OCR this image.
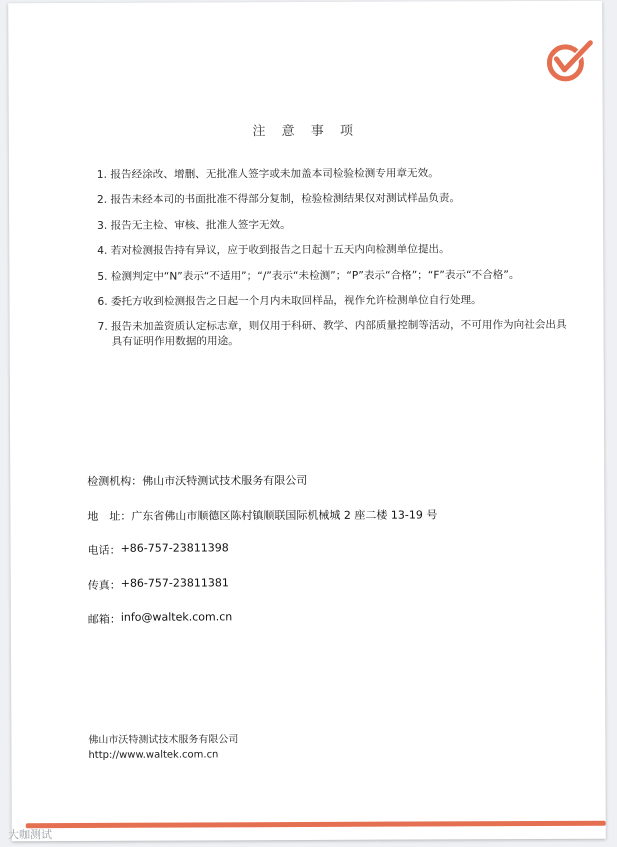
注 意 事 项

1. 报告经涂改、增删、无批准人签字或未加盖本司检验检测专用章无效。

2. 报告未经本司的书面批准不得部分复制，检验检测结果仅对测试样品负责。

3. 报告无主检、审核、批准人签字无效。

4. 若对检测报告持有异议，应于收到报告之日起十五天内向检测单位提出。

5. 检测判定中“N”表示“不适用”；“/”表示“未检测”；“P”表示“合格”；“F”表示“不合格”。

6. 委托方收到检测报告之日起一个月内未取回样品，视作允许检测单位自行处理。

7. 报告未加盖资质认定标志章，则仅用于科研、教学、内部质量控制等活动，不可用作为向社会出具具有证明作用数据的用途。

检测机构： 佛山市沃特测试技术服务有限公司
地　址： 广东省佛山市顺德区陈村镇顺联国际机械城 2 座二楼 13-19 号
电话： +86-757-23811398
传真： +86-757-23811381
邮箱： info@waltek.com.cn
佛山市沃特测试技术服务有限公司
http://www.waltek.com.cn
大咖测试
